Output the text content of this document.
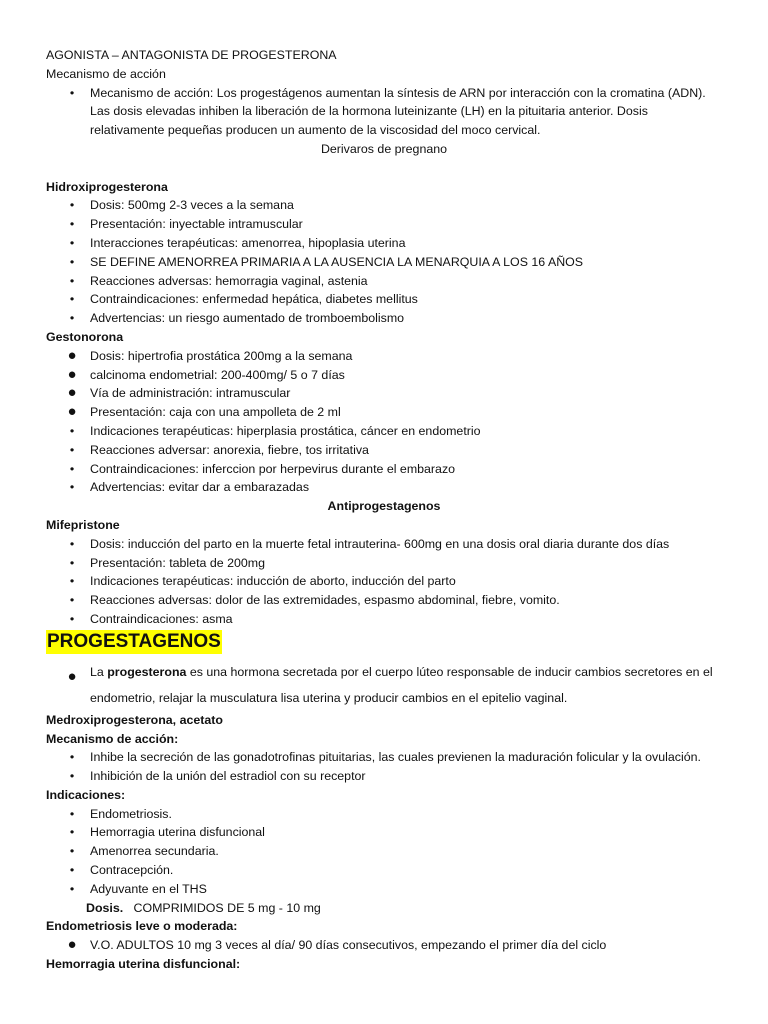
AGONISTA – ANTAGONISTA DE PROGESTERONA
Mecanismo de acción
•	Mecanismo de acción: Los progestágenos aumentan la síntesis de ARN por interacción con la cromatina (ADN). Las dosis elevadas inhiben la liberación de la hormona luteinizante (LH) en la pituitaria anterior. Dosis relativamente pequeñas producen un aumento de la viscosidad del moco cervical.
Derivaros de pregnano
Hidroxiprogesterona
•	Dosis: 500mg 2-3 veces a la semana
•	Presentación: inyectable intramuscular
•	Interacciones terapéuticas: amenorrea, hipoplasia uterina
•	SE DEFINE AMENORREA PRIMARIA A LA AUSENCIA LA MENARQUIA A LOS 16 AÑOS
•	Reacciones adversas: hemorragia vaginal, astenia
•	Contraindicaciones: enfermedad hepática, diabetes mellitus
•	Advertencias: un riesgo aumentado de tromboembolismo
Gestonorona
● Dosis: hipertrofia prostática 200mg a la semana
● calcinoma endometrial: 200-400mg/ 5 o 7 días
● Vía de administración: intramuscular
● Presentación: caja con una ampolleta de 2 ml
•	Indicaciones terapéuticas: hiperplasia prostática, cáncer en endometrio
•	Reacciones adversar: anorexia, fiebre, tos irritativa
•	Contraindicaciones: inferccion por herpevirus durante el embarazo
•	Advertencias: evitar dar a embarazadas
Antiprogestagenos
Mifepristone
•	Dosis: inducción del parto en la muerte fetal intrauterina- 600mg en una dosis oral diaria durante dos días
•	Presentación: tableta de 200mg
•	Indicaciones terapéuticas: inducción de aborto, inducción del parto
•	Reacciones adversas: dolor de las extremidades, espasmo abdominal, fiebre, vomito.
•	Contraindicaciones: asma
PROGESTAGENOS
●	La progesterona es una hormona secretada por el cuerpo lúteo responsable de inducir cambios secretores en el endometrio, relajar la musculatura lisa uterina y producir cambios en el epitelio vaginal.
Medroxiprogesterona, acetato
Mecanismo de acción:
•	Inhibe la secreción de las gonadotrofinas pituitarias, las cuales previenen la maduración folicular y la ovulación.
•	Inhibición de la unión del estradiol con su receptor
Indicaciones:
•	Endometriosis.
•	Hemorragia uterina disfuncional
•	Amenorrea secundaria.
•	Contracepción.
•	Adyuvante en el THS
Dosis. COMPRIMIDOS DE 5 mg - 10 mg
Endometriosis leve o moderada:
● V.O. ADULTOS 10 mg 3 veces al día/ 90 días consecutivos, empezando el primer día del ciclo
Hemorragia uterina disfuncional:
